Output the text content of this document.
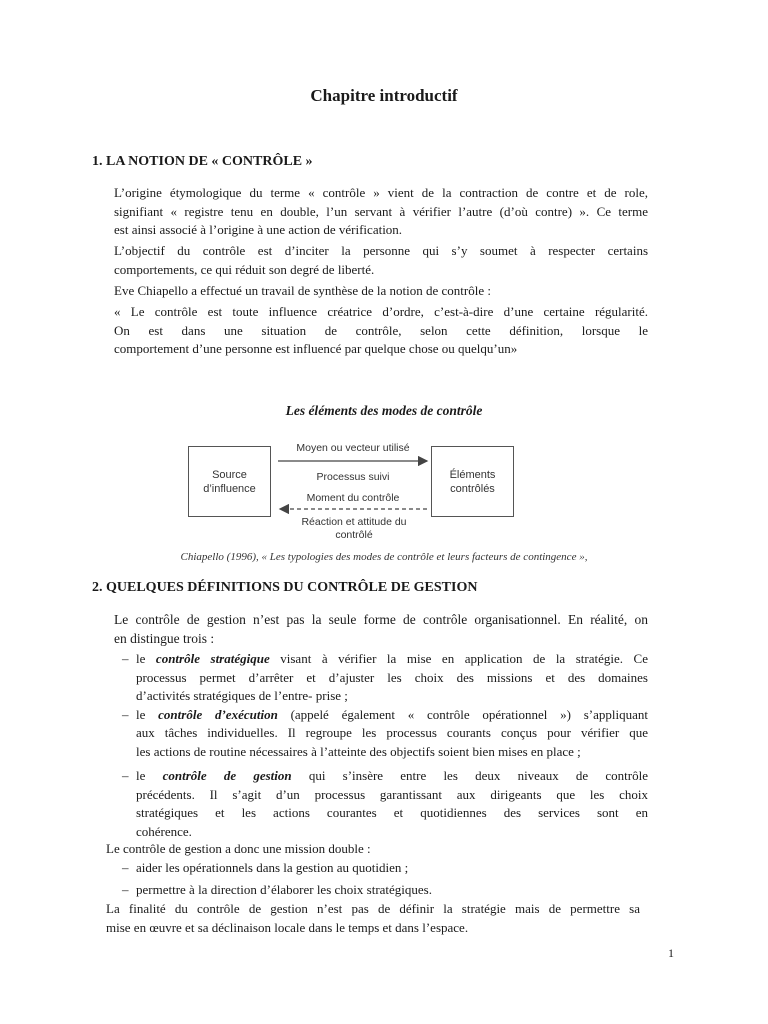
Chapitre introductif
1. LA NOTION DE « CONTRÔLE »
L’origine étymologique du terme « contrôle » vient de la contraction de contre et de role,
signifiant « registre tenu en double, l’un servant à vérifier l’autre (d’où contre) ». Ce terme
est ainsi associé à l’origine à une action de vérification.
L’objectif du contrôle est d’inciter la personne qui s’y soumet à respecter certains
comportements, ce qui réduit son degré de liberté.
Eve Chiapello a effectué un travail de synthèse de la notion de contrôle :
« Le contrôle est toute influence créatrice d’ordre, c’est-à-dire d’une certaine régularité.
On est dans une situation de contrôle, selon cette définition, lorsque le
comportement d’une personne est influencé par quelque chose ou quelqu’un»
Les éléments des modes de contrôle
Source d’influence
Éléments contrôlés
Moyen ou vecteur utilisé
Processus suivi
Moment du contrôle
Réaction et attitude du contrôlé
Chiapello (1996), « Les typologies des modes de contrôle et leurs facteurs de contingence »,
2. QUELQUES DÉFINITIONS DU CONTRÔLE DE GESTION
Le contrôle de gestion n’est pas la seule forme de contrôle organisationnel. En réalité, on
en distingue trois :
– le contrôle stratégique visant à vérifier la mise en application de la stratégie. Ce
processus permet d’arrêter et d’ajuster les choix des missions et des domaines
d’activités stratégiques de l’entre- prise ;
– le contrôle d’exécution (appelé également « contrôle opérationnel ») s’appliquant
aux tâches individuelles. Il regroupe les processus courants conçus pour vérifier que
les actions de routine nécessaires à l’atteinte des objectifs soient bien mises en place ;
– le contrôle de gestion qui s’insère entre les deux niveaux de contrôle
précédents. Il s’agit d’un processus garantissant aux dirigeants que les choix
stratégiques et les actions courantes et quotidiennes des services sont en
cohérence.
Le contrôle de gestion a donc une mission double :
– aider les opérationnels dans la gestion au quotidien ;
– permettre à la direction d’élaborer les choix stratégiques.
La finalité du contrôle de gestion n’est pas de définir la stratégie mais de permettre sa
mise en œuvre et sa déclinaison locale dans le temps et dans l’espace.
1
